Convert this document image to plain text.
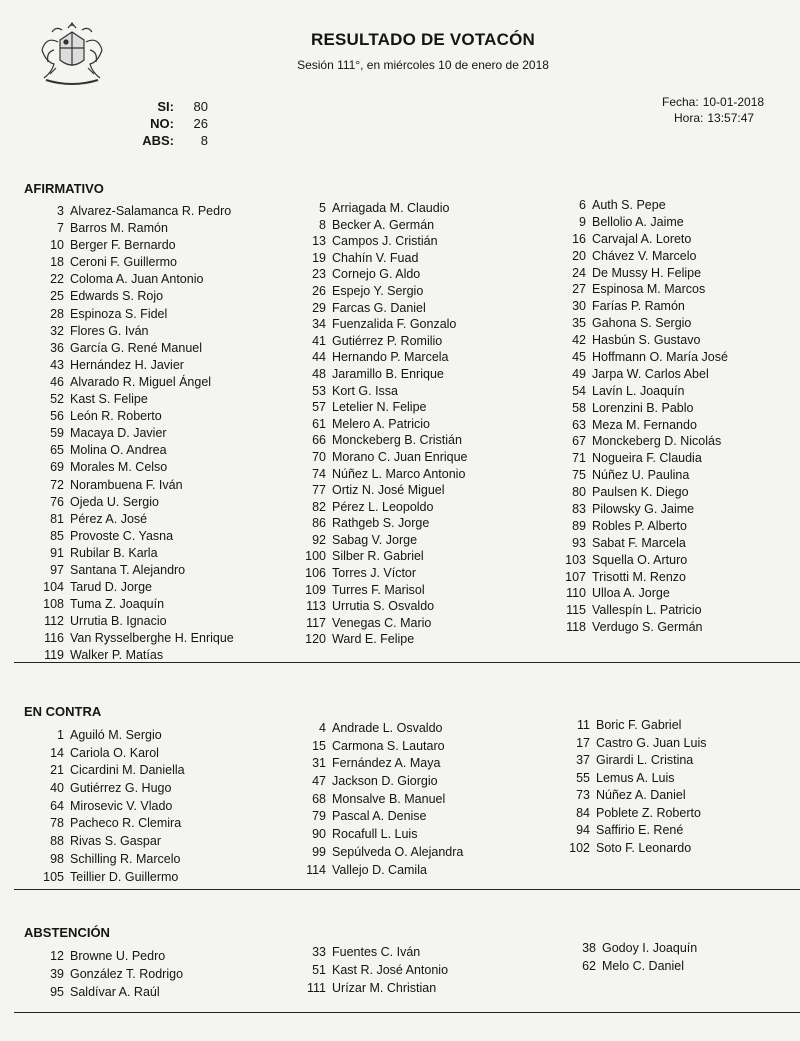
RESULTADO DE VOTACÓN
Sesión 111°, en miércoles 10 de enero de 2018
SI:	80
NO:	26
ABS:	8
Fecha: 10-01-2018
Hora: 13:57:47
AFIRMATIVO
3 Alvarez-Salamanca R. Pedro
7 Barros M. Ramón
10 Berger F. Bernardo
18 Ceroni F. Guillermo
22 Coloma A. Juan Antonio
25 Edwards S. Rojo
28 Espinoza S. Fidel
32 Flores G. Iván
36 García G. René Manuel
43 Hernández H. Javier
46 Alvarado R. Miguel Ángel
52 Kast S. Felipe
56 León R. Roberto
59 Macaya D. Javier
65 Molina O. Andrea
69 Morales M. Celso
72 Norambuena F. Iván
76 Ojeda U. Sergio
81 Pérez A. José
85 Provoste C. Yasna
91 Rubilar B. Karla
97 Santana T. Alejandro
104 Tarud D. Jorge
108 Tuma Z. Joaquín
112 Urrutia B. Ignacio
116 Van Rysselberghe H. Enrique
119 Walker P. Matías
5 Arriagada M. Claudio
8 Becker A. Germán
13 Campos J. Cristián
19 Chahín V. Fuad
23 Cornejo G. Aldo
26 Espejo Y. Sergio
29 Farcas G. Daniel
34 Fuenzalida F. Gonzalo
41 Gutiérrez P. Romilio
44 Hernando P. Marcela
48 Jaramillo B. Enrique
53 Kort G. Issa
57 Letelier N. Felipe
61 Melero A. Patricio
66 Monckeberg B. Cristián
70 Morano C. Juan Enrique
74 Núñez L. Marco Antonio
77 Ortiz N. José Miguel
82 Pérez L. Leopoldo
86 Rathgeb S. Jorge
92 Sabag V. Jorge
100 Silber R. Gabriel
106 Torres J. Víctor
109 Turres F. Marisol
113 Urrutia S. Osvaldo
117 Venegas C. Mario
120 Ward E. Felipe
6 Auth S. Pepe
9 Bellolio A. Jaime
16 Carvajal A. Loreto
20 Chávez V. Marcelo
24 De Mussy H. Felipe
27 Espinosa M. Marcos
30 Farías P. Ramón
35 Gahona S. Sergio
42 Hasbún S. Gustavo
45 Hoffmann O. María José
49 Jarpa W. Carlos Abel
54 Lavín L. Joaquín
58 Lorenzini B. Pablo
63 Meza M. Fernando
67 Monckeberg D. Nicolás
71 Nogueira F. Claudia
75 Núñez U. Paulina
80 Paulsen K. Diego
83 Pilowsky G. Jaime
89 Robles P. Alberto
93 Sabat F. Marcela
103 Squella O. Arturo
107 Trisotti M. Renzo
110 Ulloa A. Jorge
115 Vallespín L. Patricio
118 Verdugo S. Germán
EN CONTRA
1 Aguiló M. Sergio
14 Cariola O. Karol
21 Cicardini M. Daniella
40 Gutiérrez G. Hugo
64 Mirosevic V. Vlado
78 Pacheco R. Clemira
88 Rivas S. Gaspar
98 Schilling R. Marcelo
105 Teillier D. Guillermo
4 Andrade L. Osvaldo
15 Carmona S. Lautaro
31 Fernández A. Maya
47 Jackson D. Giorgio
68 Monsalve B. Manuel
79 Pascal A. Denise
90 Rocafull L. Luis
99 Sepúlveda O. Alejandra
114 Vallejo D. Camila
11 Boric F. Gabriel
17 Castro G. Juan Luis
37 Girardi L. Cristina
55 Lemus A. Luis
73 Núñez A. Daniel
84 Poblete Z. Roberto
94 Saffirio E. René
102 Soto F. Leonardo
ABSTENCIÓN
12 Browne U. Pedro
39 González T. Rodrigo
95 Saldívar A. Raúl
33 Fuentes C. Iván
51 Kast R. José Antonio
111 Urízar M. Christian
38 Godoy I. Joaquín
62 Melo C. Daniel
